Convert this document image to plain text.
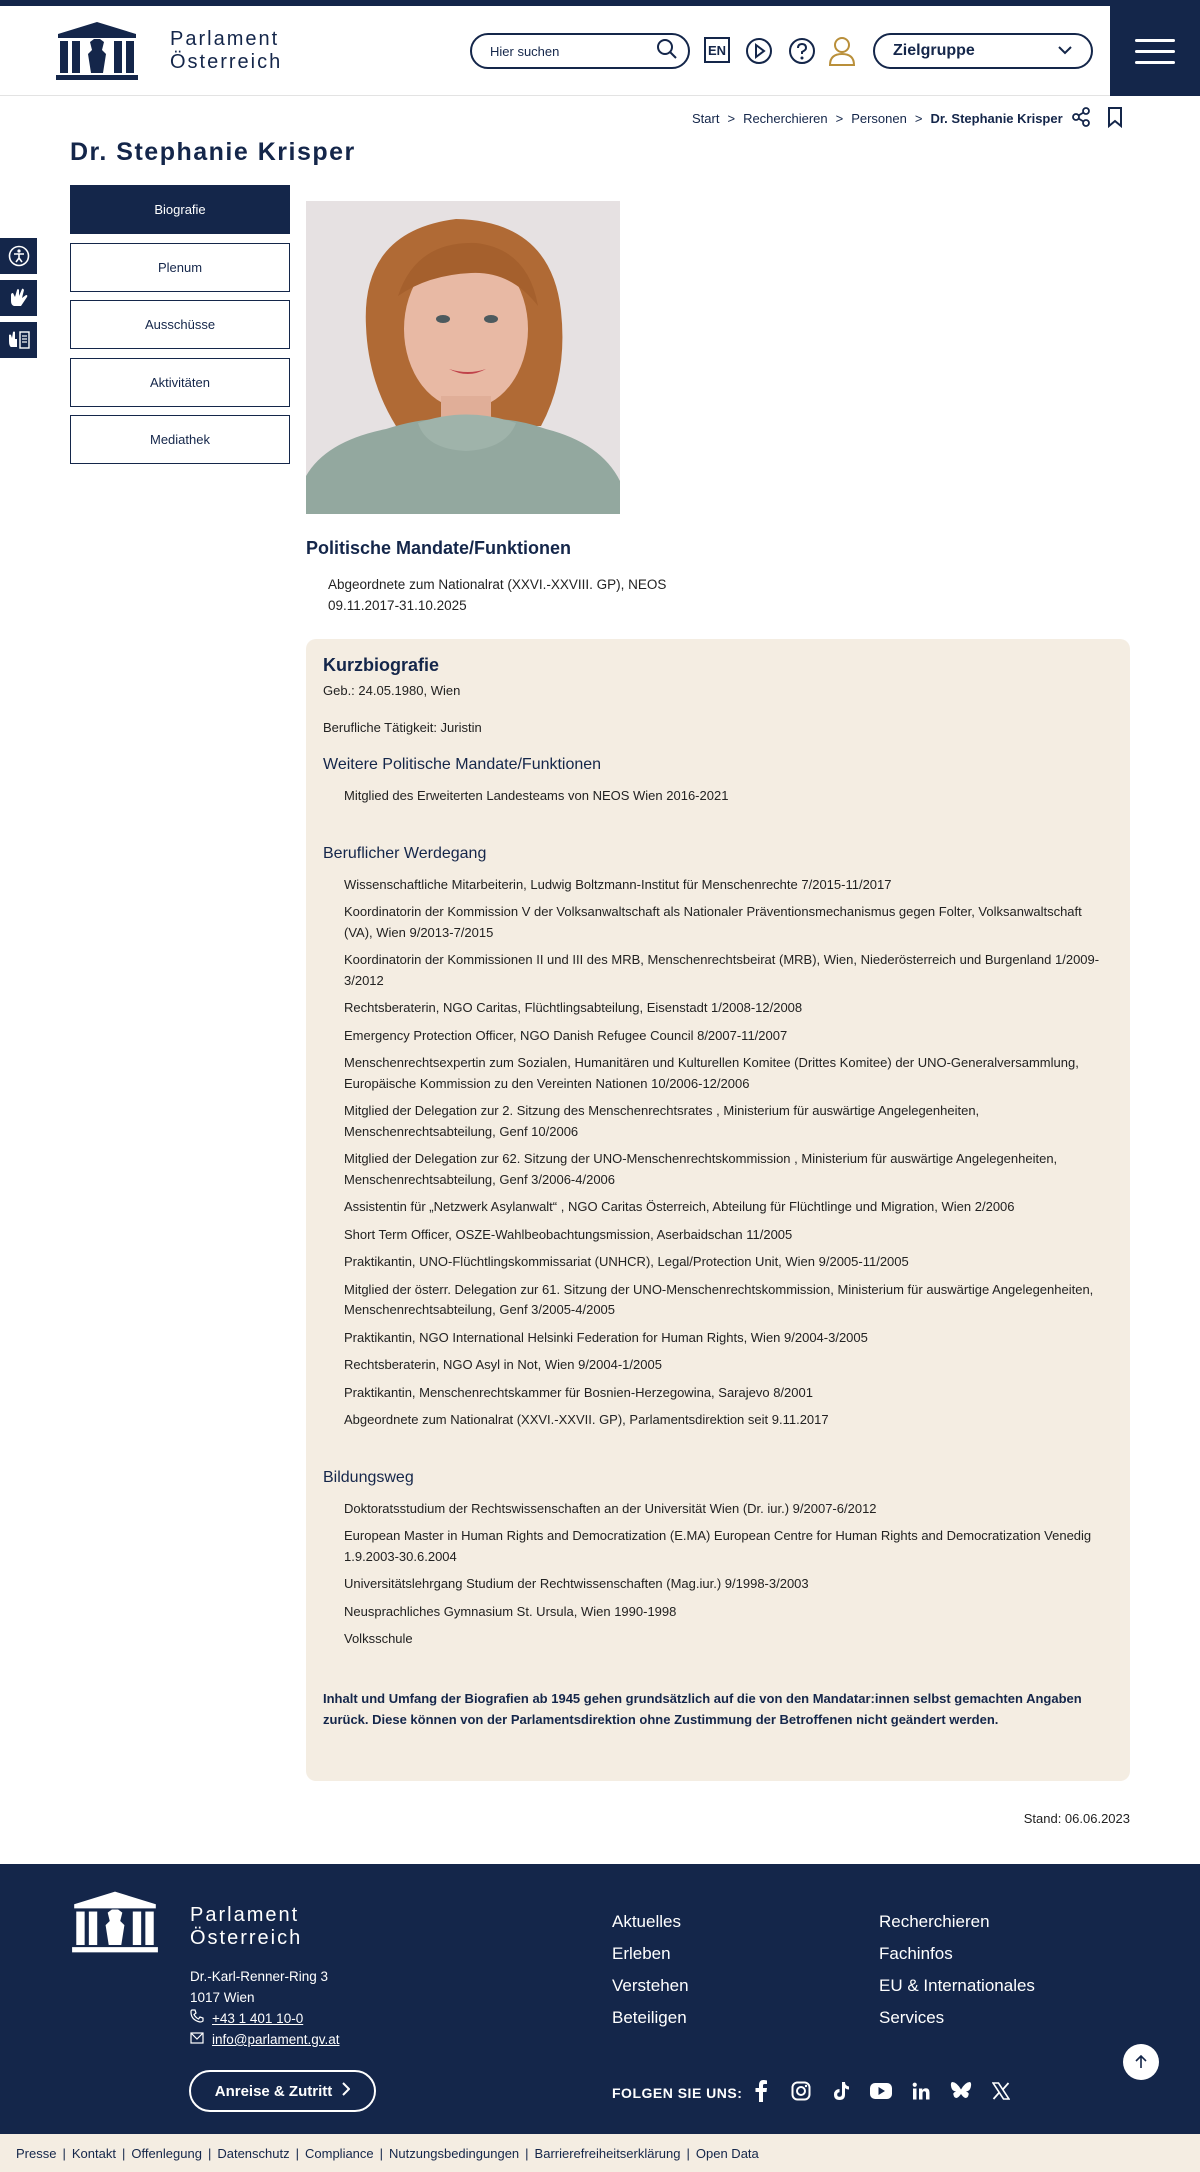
Parlament
Österreich
Hier suchen
EN	Zielgruppe
Start > Recherchieren > Personen > Dr. Stephanie Krisper
Dr. Stephanie Krisper
Biografie
Plenum
Ausschüsse
Aktivitäten
Mediathek
Politische Mandate/Funktionen
Abgeordnete zum Nationalrat (XXVI.-XXVIII. GP), NEOS
09.11.2017-31.10.2025
Kurzbiografie
Geb.: 24.05.1980, Wien
Berufliche Tätigkeit: Juristin
Weitere Politische Mandate/Funktionen
Mitglied des Erweiterten Landesteams von NEOS Wien 2016-2021
Beruflicher Werdegang
Wissenschaftliche Mitarbeiterin, Ludwig Boltzmann-Institut für Menschenrechte 7/2015-11/2017
Koordinatorin der Kommission V der Volksanwaltschaft als Nationaler Präventionsmechanismus gegen Folter, Volksanwaltschaft (VA), Wien 9/2013-7/2015
Koordinatorin der Kommissionen II und III des MRB, Menschenrechtsbeirat (MRB), Wien, Niederösterreich und Burgenland 1/2009-3/2012
Rechtsberaterin, NGO Caritas, Flüchtlingsabteilung, Eisenstadt 1/2008-12/2008
Emergency Protection Officer, NGO Danish Refugee Council 8/2007-11/2007
Menschenrechtsexpertin zum Sozialen, Humanitären und Kulturellen Komitee (Drittes Komitee) der UNO-Generalversammlung, Europäische Kommission zu den Vereinten Nationen 10/2006-12/2006
Mitglied der Delegation zur 2. Sitzung des Menschenrechtsrates , Ministerium für auswärtige Angelegenheiten, Menschenrechtsabteilung, Genf 10/2006
Mitglied der Delegation zur 62. Sitzung der UNO-Menschenrechtskommission , Ministerium für auswärtige Angelegenheiten, Menschenrechtsabteilung, Genf 3/2006-4/2006
Assistentin für „Netzwerk Asylanwalt“ , NGO Caritas Österreich, Abteilung für Flüchtlinge und Migration, Wien 2/2006
Short Term Officer, OSZE-Wahlbeobachtungsmission, Aserbaidschan 11/2005
Praktikantin, UNO-Flüchtlingskommissariat (UNHCR), Legal/Protection Unit, Wien 9/2005-11/2005
Mitglied der österr. Delegation zur 61. Sitzung der UNO-Menschenrechtskommission, Ministerium für auswärtige Angelegenheiten, Menschenrechtsabteilung, Genf 3/2005-4/2005
Praktikantin, NGO International Helsinki Federation for Human Rights, Wien 9/2004-3/2005
Rechtsberaterin, NGO Asyl in Not, Wien 9/2004-1/2005
Praktikantin, Menschenrechtskammer für Bosnien-Herzegowina, Sarajevo 8/2001
Abgeordnete zum Nationalrat (XXVI.-XXVII. GP), Parlamentsdirektion seit 9.11.2017
Bildungsweg
Doktoratsstudium der Rechtswissenschaften an der Universität Wien (Dr. iur.) 9/2007-6/2012
European Master in Human Rights and Democratization (E.MA) European Centre for Human Rights and Democratization Venedig 1.9.2003-30.6.2004
Universitätslehrgang Studium der Rechtwissenschaften (Mag.iur.) 9/1998-3/2003
Neusprachliches Gymnasium St. Ursula, Wien 1990-1998
Volksschule

Inhalt und Umfang der Biografien ab 1945 gehen grundsätzlich auf die von den Mandatar:innen selbst gemachten Angaben zurück. Diese können von der Parlamentsdirektion ohne Zustimmung der Betroffenen nicht geändert werden.

Stand: 06.06.2023
Parlament
Österreich
Dr.-Karl-Renner-Ring 3
1017 Wien
+43 1 401 10-0
info@parlament.gv.at
Anreise & Zutritt
Aktuelles
Erleben
Verstehen
Beteiligen
Recherchieren
Fachinfos
EU & Internationales
Services
FOLGEN SIE UNS:
Presse | Kontakt | Offenlegung | Datenschutz | Compliance | Nutzungsbedingungen | Barrierefreiheitserklärung | Open Data
